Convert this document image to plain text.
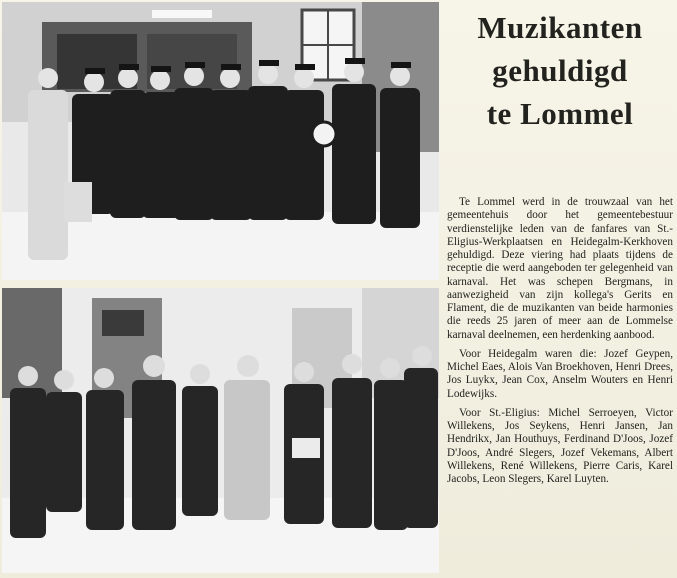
Muzikanten
gehuldigd
te Lommel

Te Lommel werd in de trouwzaal van het gemeentehuis door het gemeentebestuur verdienstelijke leden van de fanfares van St.-Eligius-Werkplaatsen en Heidegalm-Kerkhoven gehuldigd. Deze viering had plaats tijdens de receptie die werd aangeboden ter gelegenheid van karnaval. Het was schepen Bergmans, in aanwezigheid van zijn kollega's Gerits en Flament, die de muzikanten van beide harmonies die reeds 25 jaren of meer aan de Lommelse karnaval deelnemen, een herdenking aanbood.

Voor Heidegalm waren die: Jozef Geypen, Michel Eaes, Alois Van Broekhoven, Henri Drees, Jos Luykx, Jean Cox, Anselm Wouters en Henri Lodewijks.

Voor St.-Eligius: Michel Serroeyen, Victor Willekens, Jos Seykens, Henri Jansen, Jan Hendrikx, Jan Houthuys, Ferdinand D'Joos, Jozef D'Joos, André Slegers, Jozef Vekemans, Albert Willekens, René Willekens, Pierre Caris, Karel Jacobs, Leon Slegers, Karel Luyten.
